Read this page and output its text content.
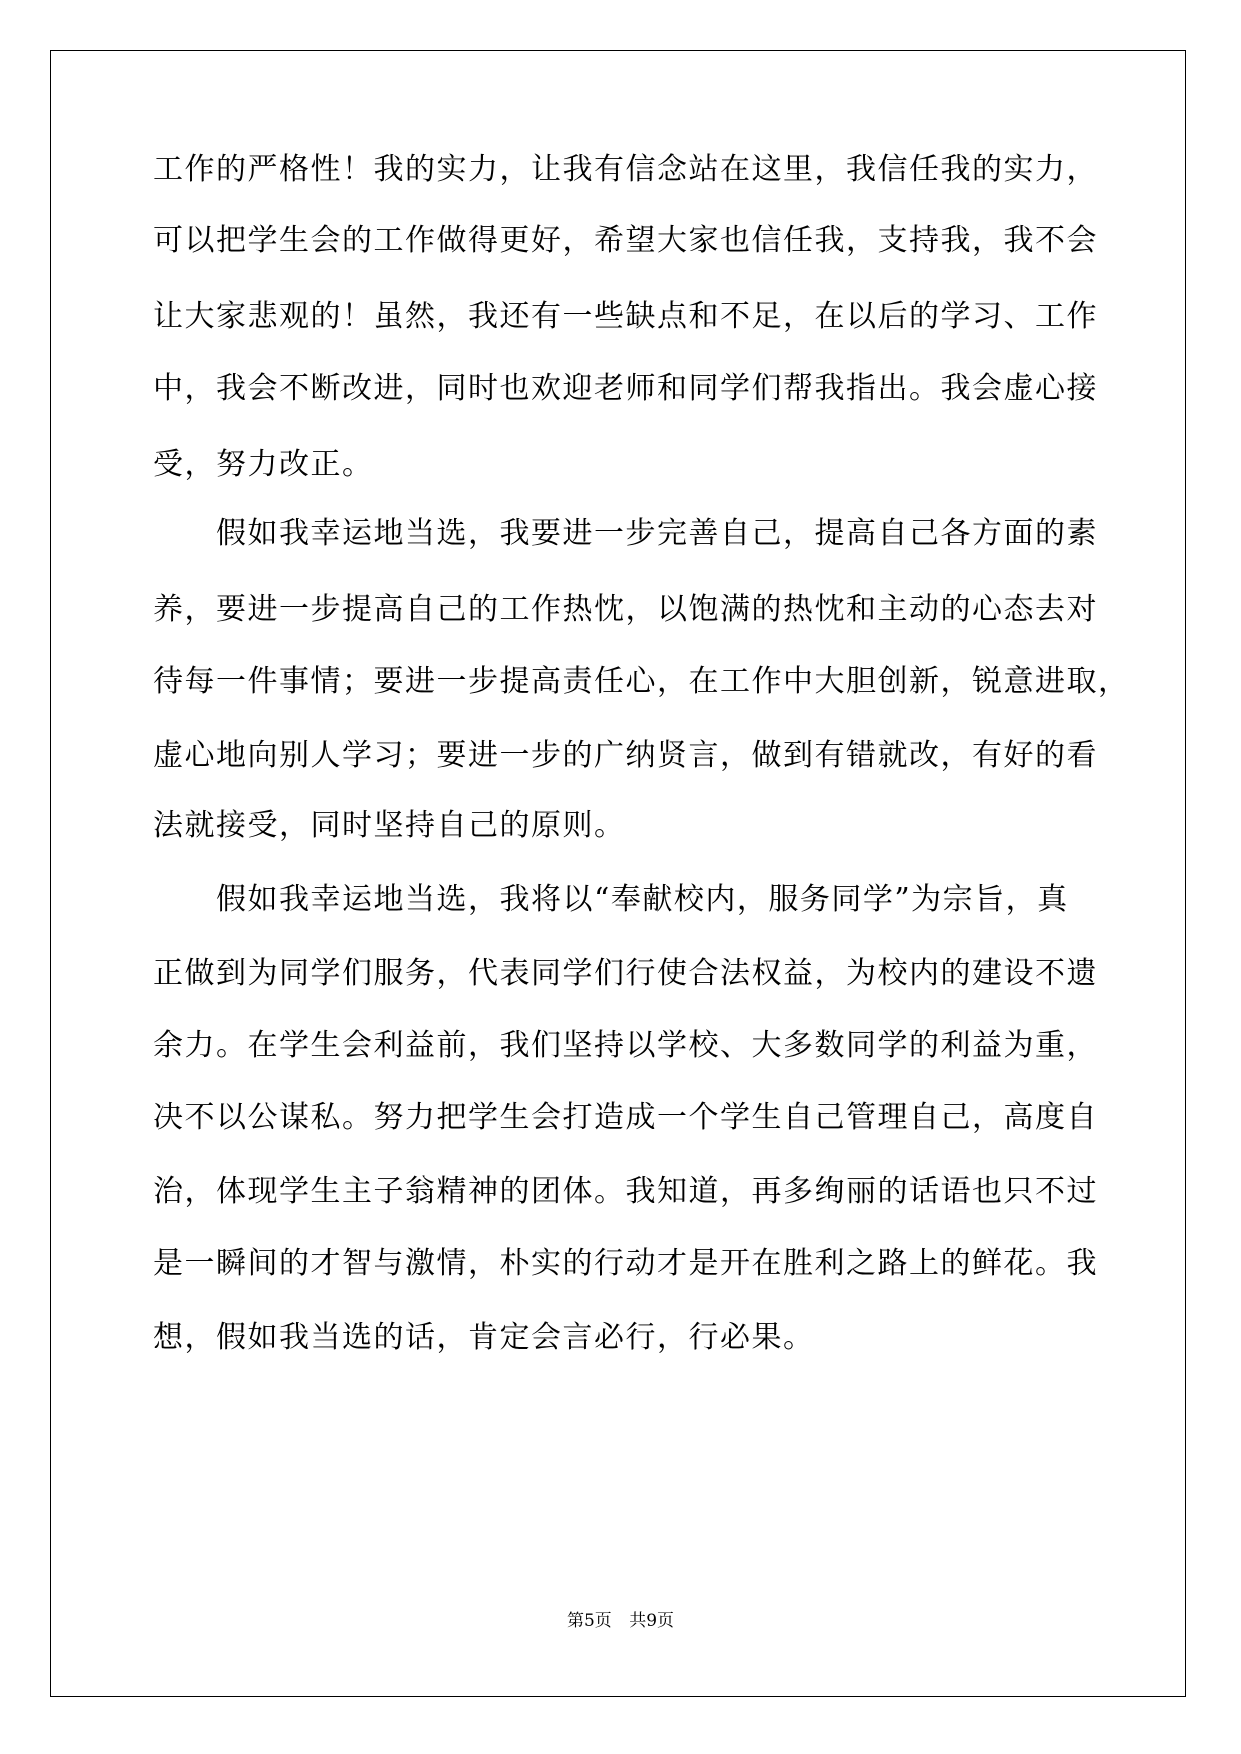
工作的严格性！我的实力，让我有信念站在这里，我信任我的实力，
可以把学生会的工作做得更好，希望大家也信任我，支持我，我不会
让大家悲观的！虽然，我还有一些缺点和不足，在以后的学习、工作
中，我会不断改进，同时也欢迎老师和同学们帮我指出。我会虚心接
受，努力改正。
　　假如我幸运地当选，我要进一步完善自己，提高自己各方面的素
养，要进一步提高自己的工作热忱，以饱满的热忱和主动的心态去对
待每一件事情；要进一步提高责任心，在工作中大胆创新，锐意进取，
虚心地向别人学习；要进一步的广纳贤言，做到有错就改，有好的看
法就接受，同时坚持自己的原则。
　　假如我幸运地当选，我将以“奉献校内，服务同学”为宗旨，真
正做到为同学们服务，代表同学们行使合法权益，为校内的建设不遗
余力。在学生会利益前，我们坚持以学校、大多数同学的利益为重，
决不以公谋私。努力把学生会打造成一个学生自己管理自己，高度自
治，体现学生主子翁精神的团体。我知道，再多绚丽的话语也只不过
是一瞬间的才智与激情，朴实的行动才是开在胜利之路上的鲜花。我
想，假如我当选的话，肯定会言必行，行必果。
第5页 共9页
